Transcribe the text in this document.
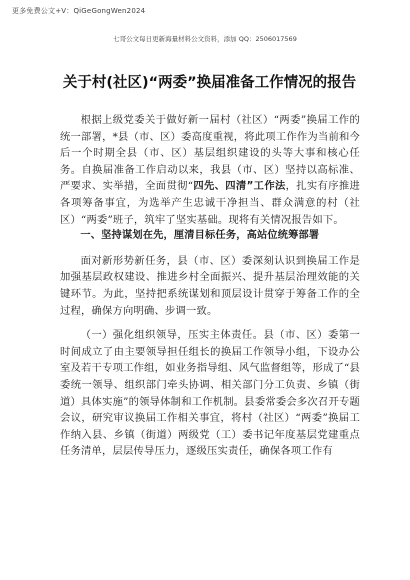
更多免费公文+V：QiGeGongWen2024
七哥公文每日更新海量材料公文资料，添加 QQ：2506017569
关于村(社区)“两委”换届准备工作情况的报告

根据上级党委关于做好新一届村（社区）“两委”换届工作的统一部署，*县（市、区）委高度重视，将此项工作作为当前和今后一个时期全县（市、区）基层组织建设的头等大事和核心任务。自换届准备工作启动以来，我县（市、区）坚持以高标准、严要求、实举措，全面贯彻“四先、四清”工作法，扎实有序推进各项筹备事宜，为选举产生忠诚干净担当、群众满意的村（社区）“两委”班子，筑牢了坚实基础。现将有关情况报告如下。

一、坚持谋划在先，厘清目标任务，高站位统筹部署

面对新形势新任务，县（市、区）委深刻认识到换届工作是加强基层政权建设、推进乡村全面振兴、提升基层治理效能的关键环节。为此，坚持把系统谋划和顶层设计贯穿于筹备工作的全过程，确保方向明确、步调一致。

（一）强化组织领导，压实主体责任。县（市、区）委第一时间成立了由主要领导担任组长的换届工作领导小组，下设办公室及若干专项工作组，如业务指导组、风气监督组等，形成了“县委统一领导、组织部门牵头协调、相关部门分工负责、乡镇（街道）具体实施”的领导体制和工作机制。县委常委会多次召开专题会议，研究审议换届工作相关事宜，将村（社区）“两委”换届工作纳入县、乡镇（街道）两级党（工）委书记年度基层党建重点任务清单，层层传导压力，逐级压实责任，确保各项工作有
